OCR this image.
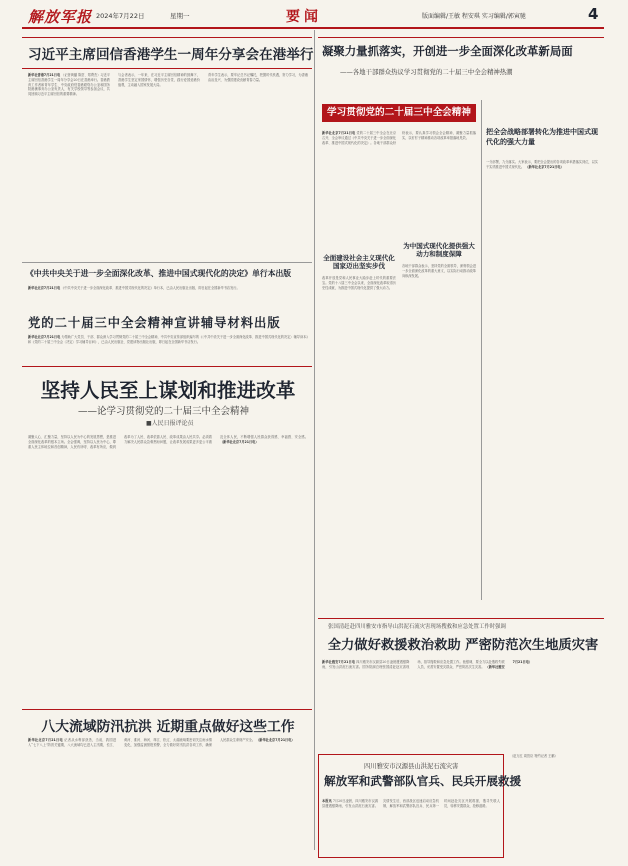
解放军报 2024年7月22日	星期一	要闻	版面编辑/王敏 程安琪 实习编辑/郭寅驰	4
习近平主席回信香港学生一周年分享会在港举行
新华社香港7月21日电 （记者黄璐 陈贺、郑朔杰）习近平主席回信香港学生一周年分享会20日在香港举行。香港教育工作者和青年学生、中央政府驻香港联络办公室和国务院港澳事务办公室负责人、有关学校领导等参加会议，共同回顾习近平主席回信的重要精神。
与会者表示，一年来，在习近平主席回信精神的鼓舞下，香港学生坚定家国情怀，增强历史自觉，践行爱国爱港价值观，主动融入国家发展大局。
青年学生表示，要牢记总书记嘱托，把握时代机遇，努力学习，为香港由治及兴、为强国建设贡献青春力量。
《中共中央关于进一步全面深化改革、推进中国式现代化的决定》单行本出版
新华社北京7月21日电 《中共中央关于进一步全面深化改革、推进中国式现代化的决定》单行本，已由人民出版社出版，即日起在全国新华书店发行。
党的二十届三中全会精神宣讲辅导材料出版
新华社北京7月21日电 为帮助广大党员、干部、群众深入学习贯彻党的二十届三中全会精神，中共中央宣传部组织编写的《〈中共中央关于进一步全面深化改革、推进中国式现代化的决定〉辅导读本》和《党的二十届三中全会〈决定〉学习辅导百问》，已由人民出版社、党建读物出版社出版，即日起在全国新华书店发行。
坚持人民至上谋划和推进改革
——论学习贯彻党的二十届三中全会精神
■人民日报评论员
凝聚人心、汇聚力量，坚持以人民为中心的发展思想，是推进全面深化改革的根本立场。全会强调，坚持以人民为中心，尊重人民主体地位和首创精神，人民有所呼、改革有所应，做到改革为了人民、改革依靠人民、改革成果由人民共享。必须着力解决人民群众急难愁盼问题，让改革发展成果更多更公平惠及全体人民，不断增强人民群众获得感、幸福感、安全感。 （新华社北京7月21日电）
八大流域防汛抗洪 近期重点做好这些工作
新华社北京7月21日电 记者从水利部获悉，当前，我国进入“七下八上”防汛关键期，八大流域均已进入主汛期，长江、黄河、淮河、海河、珠江、松辽、太湖流域要密切关注雨水情变化，加强监测预报预警，全力做好防汛抗洪各项工作，确保人民群众生命财产安全。 （新华社北京7月21日电）
凝聚力量抓落实，开创进一步全面深化改革新局面
——各地干部群众热议学习贯彻党的二十届三中全会精神热潮
学习贯彻党的二十届三中全会精神
新华社北京7月21日电 党的二十届三中全会在北京召开，全会审议通过《中共中央关于进一步全面深化改革、推进中国式现代化的决定》。各地干部群众纷纷表示，要认真学习领会全会精神，凝聚力量抓落实，以钉钉子精神推动各项改革举措落地见效。
全面建设社会主义现代化国家迈出坚实步伐
改革开放是党和人民事业大踏步赶上时代的重要法宝。党的十八届三中全会以来，全面深化改革取得历史性成就，为推进中国式现代化提供了强大动力。
为中国式现代化提供强大动力和制度保障
各地干部群众表示，坚持党的全面领导，深刻领会进一步全面深化改革的重大意义，以实际行动推动改革向纵深发展。
把全会战略部署转化为推进中国式现代化的强大力量
一分部署，九分落实。大家表示，要把全会提出的各项改革举措落实到位，以实干实绩推进中国式现代化。 （新华社北京7月21日电）
张国清赶赴四川雅安市指导山洪泥石流灾害现场搜救和应急处置工作时强调
全力做好救援救治救助 严密防范次生地质灾害
新华社雅安7月21日电 四川雅安市汉源县20日凌晨遭遇强降雨，引发山洪泥石流灾害。国务院副总理张国清赶赴灾害现场，指导搜救和应急处置工作。他强调，要全力以赴搜救失联人员，妥善安置受灾群众，严密防范次生灾害。 （新华社雅安7月21日电）
四川雅安市汉源县山洪泥石流灾害
解放军和武警部队官兵、民兵开展救援
本报讯 7月20日凌晨，四川雅安市汉源县遭遇强降雨，引发山洪泥石流灾害。灾情发生后，西部战区迅速启动应急机制，解放军和武警部队官兵、民兵第一时间赶赴灾区开展救援，搜寻失联人员，转移安置群众，抢修道路。
（赵万红 周贺臣 特约记者 王鹏）
